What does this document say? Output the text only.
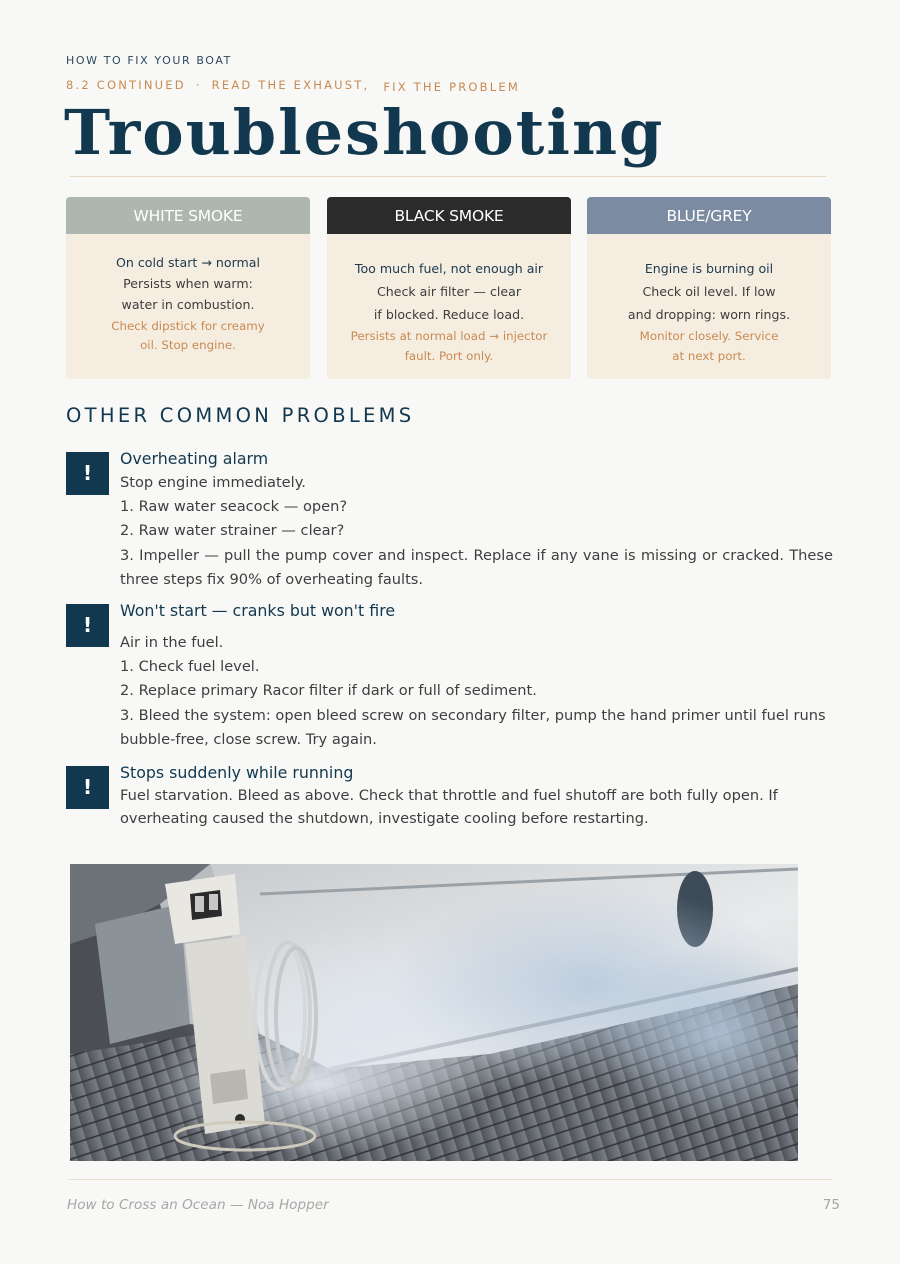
HOW TO FIX YOUR BOAT
8.2 CONTINUED · READ THE EXHAUST, FIX THE PROBLEM
Troubleshooting
WHITE SMOKE
On cold start → normal
Persists when warm:
water in combustion.
Check dipstick for creamy
oil. Stop engine.
BLACK SMOKE
Too much fuel, not enough air
Check air filter — clear
if blocked. Reduce load.
Persists at normal load → injector
fault. Port only.
BLUE/GREY
Engine is burning oil
Check oil level. If low
and dropping: worn rings.
Monitor closely. Service
at next port.
OTHER COMMON PROBLEMS
!
Overheating alarm
Stop engine immediately.
1. Raw water seacock — open?
2. Raw water strainer — clear?
3. Impeller — pull the pump cover and inspect. Replace if any vane is missing or cracked. These three steps fix 90% of overheating faults.
!
Won't start — cranks but won't fire
Air in the fuel.
1. Check fuel level.
2. Replace primary Racor filter if dark or full of sediment.
3. Bleed the system: open bleed screw on secondary filter, pump the hand primer until fuel runs bubble-free, close screw. Try again.
!
Stops suddenly while running
Fuel starvation. Bleed as above. Check that throttle and fuel shutoff are both fully open. If overheating caused the shutdown, investigate cooling before restarting.
How to Cross an Ocean — Noa Hopper	75
